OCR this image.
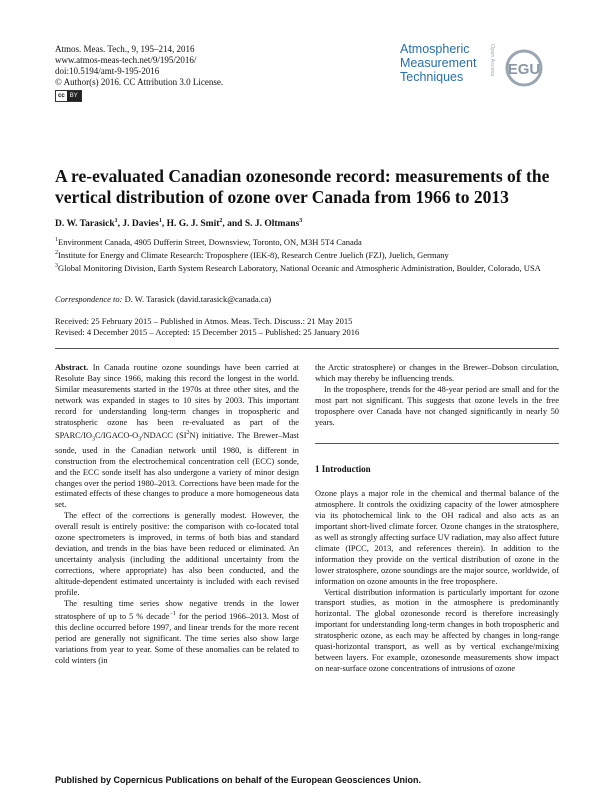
Atmos. Meas. Tech., 9, 195–214, 2016
www.atmos-meas-tech.net/9/195/2016/
doi:10.5194/amt-9-195-2016
© Author(s) 2016. CC Attribution 3.0 License.
cc BY
Atmospheric
Measurement
Techniques
Open Access EGU
A re-evaluated Canadian ozonesonde record: measurements of the vertical distribution of ozone over Canada from 1966 to 2013
D. W. Tarasick$^1$, J. Davies$^1$, H. G. J. Smit$^2$, and S. J. Oltmans$^3$
$^1$Environment Canada, 4905 Dufferin Street, Downsview, Toronto, ON, M3H 5T4 Canada
$^2$Institute for Energy and Climate Research: Troposphere (IEK-8), Research Centre Juelich (FZJ), Juelich, Germany
$^3$Global Monitoring Division, Earth System Research Laboratory, National Oceanic and Atmospheric Administration, Boulder, Colorado, USA
Correspondence to: D. W. Tarasick (david.tarasick@canada.ca)
Received: 25 February 2015 – Published in Atmos. Meas. Tech. Discuss.: 21 May 2015
Revised: 4 December 2015 – Accepted: 15 December 2015 – Published: 25 January 2016

Abstract. In Canada routine ozone soundings have been carried at Resolute Bay since 1966, making this record the longest in the world. Similar measurements started in the 1970s at three other sites, and the network was expanded in stages to 10 sites by 2003. This important record for understanding long-term changes in tropospheric and stratospheric ozone has been re-evaluated as part of the SPARC/$IO_3C/IGACO-O_3$/NDACC $(SI^2N)$ initiative. The Brewer–Mast sonde, used in the Canadian network until 1980, is different in construction from the electrochemical concentration cell (ECC) sonde, and the ECC sonde itself has also undergone a variety of minor design changes over the period 1980–2013. Corrections have been made for the estimated effects of these changes to produce a more homogeneous data set.

The effect of the corrections is generally modest. However, the overall result is entirely positive: the comparison with co-located total ozone spectrometers is improved, in terms of both bias and standard deviation, and trends in the bias have been reduced or eliminated. An uncertainty analysis (including the additional uncertainty from the corrections, where appropriate) has also been conducted, and the altitude-dependent estimated uncertainty is included with each revised profile.

The resulting time series show negative trends in the lower stratosphere of up to 5 % decade$^{-1}$ for the period 1966–2013. Most of this decline occurred before 1997, and linear trends for the more recent period are generally not significant. The time series also show large variations from year to year. Some of these anomalies can be related to cold winters (in

the Arctic stratosphere) or changes in the Brewer–Dobson circulation, which may thereby be influencing trends.

In the troposphere, trends for the 48-year period are small and for the most part not significant. This suggests that ozone levels in the free troposphere over Canada have not changed significantly in nearly 50 years.

1 Introduction

Ozone plays a major role in the chemical and thermal balance of the atmosphere. It controls the oxidizing capacity of the lower atmosphere via its photochemical link to the OH radical and also acts as an important short-lived climate forcer. Ozone changes in the stratosphere, as well as strongly affecting surface UV radiation, may also affect future climate (IPCC, 2013, and references therein). In addition to the information they provide on the vertical distribution of ozone in the lower stratosphere, ozone soundings are the major source, worldwide, of information on ozone amounts in the free troposphere.

Vertical distribution information is particularly important for ozone transport studies, as motion in the atmosphere is predominantly horizontal. The global ozonesonde record is therefore increasingly important for understanding long-term changes in both tropospheric and stratospheric ozone, as each may be affected by changes in long-range quasi-horizontal transport, as well as by vertical exchange/mixing between layers. For example, ozonesonde measurements show impact on near-surface ozone concentrations of intrusions of ozone

Published by Copernicus Publications on behalf of the European Geosciences Union.
